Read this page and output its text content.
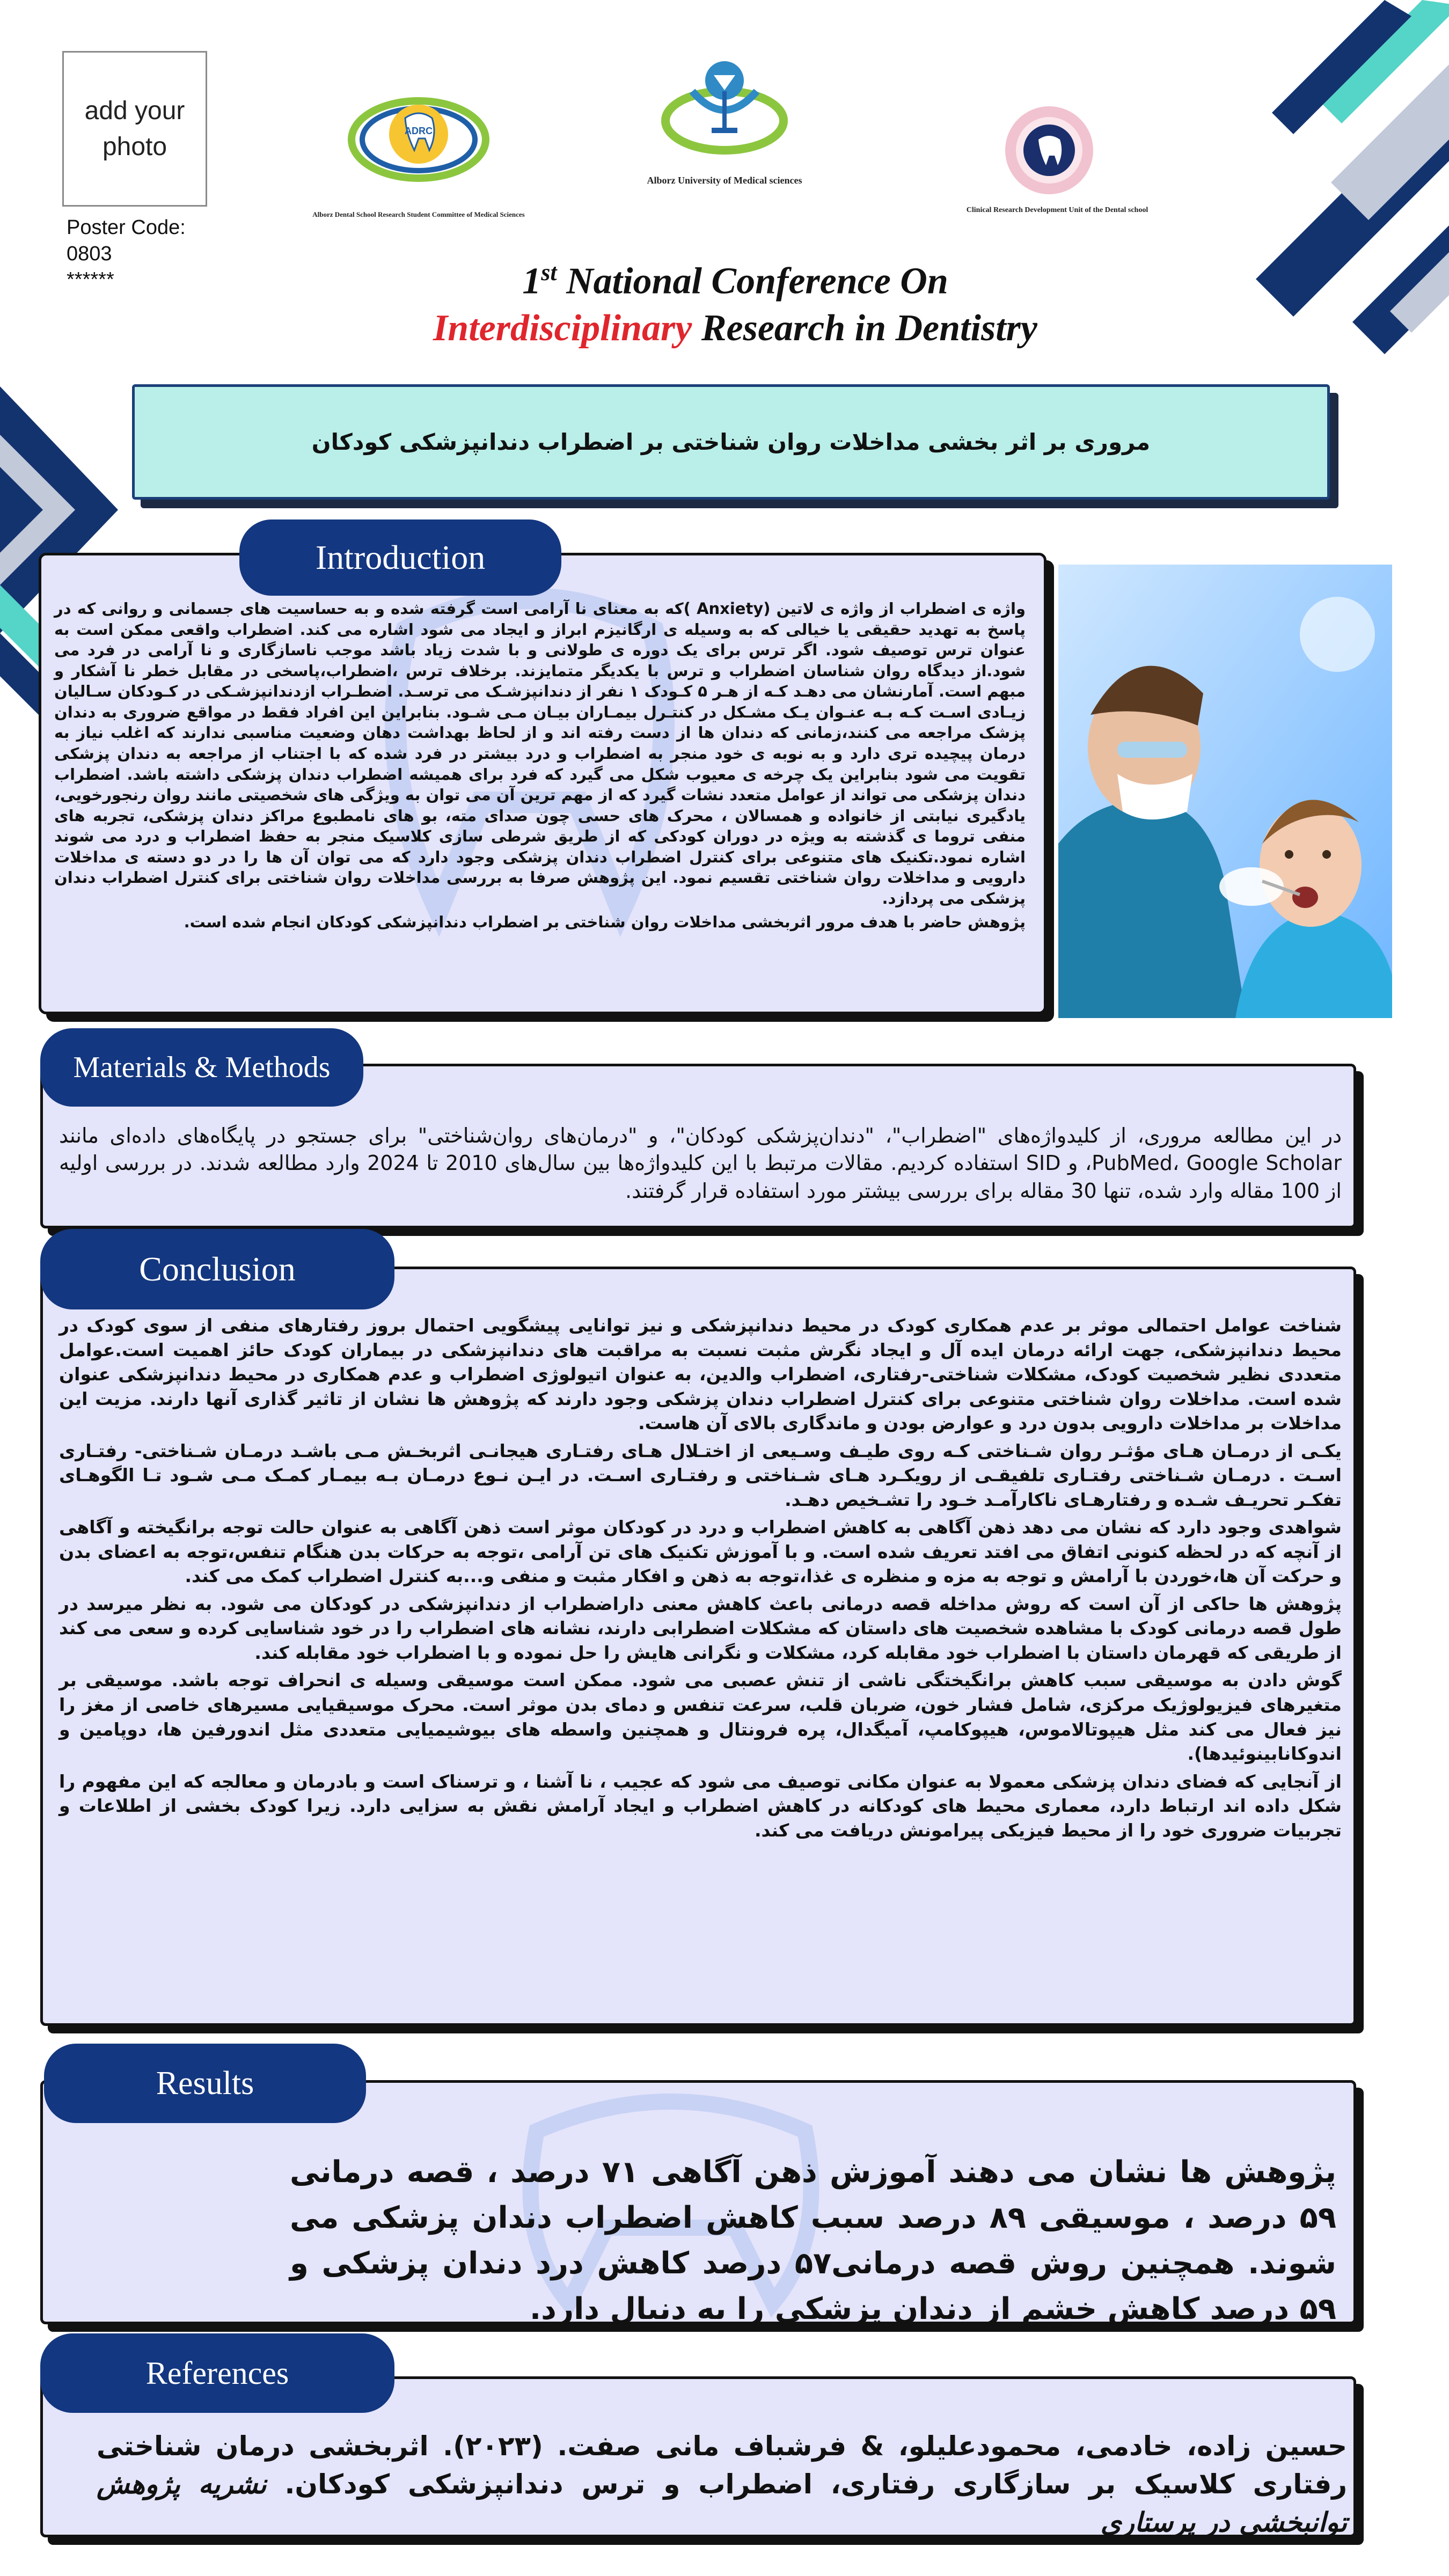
add your photo
Poster Code:
0803
******
ADRC
Alborz Dental School Research Student Committee of Medical Sciences
Alborz University of Medical sciences
Clinical Research Development Unit of the Dental school
1st National Conference On
Interdisciplinary Research in Dentistry
مروری بر اثر بخشی مداخلات روان شناختی بر اضطراب دندانپزشکی کودکان

واژه ی اضطراب از واژه ی لاتین (Anxiety )که به معنای نا آرامی است گرفته شده و به حساسیت های جسمانی و روانی که در پاسخ به تهدید حقیقی یا خیالی که به وسیله ی ارگانیزم ابراز و ایجاد می شود اشاره می کند. اضطراب واقعی ممکن است به عنوان ترس توصیف شود. اگر ترس برای یک دوره ی طولانی و با شدت زیاد باشد موجب ناسازگاری و نا آرامی در فرد می شود.از دیدگاه روان شناسان اضطراب و ترس با یکدیگر متمایزند. برخلاف ترس ،اضطراب،پاسخی در مقابل خطر نا آشکار و مبهم است. آمارنشان می دهـد کـه از هـر ۵ کـودک ۱ نفر از دندانپزشـک می ترسـد. اضطـراب ازدندانپزشـکی در کـودکان سـالیان زیـادی اسـت کـه بـه عنـوان یـک مشـکل در کنتـرل بیمـاران بیـان مـی شـود. بنابراین این افراد فقط در مواقع ضروری به دندان پزشک مراجعه می کنند،زمانی که دندان ها از دست رفته اند و از لحاظ بهداشت دهان وضعیت مناسبی ندارند که اغلب نیاز به درمان پیچیده تری دارد و به نوبه ی خود منجر به اضطراب و درد بیشتر در فرد شده که با اجتناب از مراجعه به دندان پزشکی تقویت می شود بنابراین یک چرخه ی معیوب شکل می گیرد که فرد برای همیشه اضطراب دندان پزشکی داشته باشد. اضطراب دندان پزشکی می تواند از عوامل متعدد نشات گیرد که از مهم ترین آن می توان به ویژگی های شخصیتی مانند روان رنجورخویی، یادگیری نیابتی از خانواده و همسالان ، محرک های حسی چون صدای مته، بو های نامطبوع مراکز دندان پزشکی، تجربه های منفی تروما ی گذشته به ویژه در دوران کودکی که از طریق شرطی سازی کلاسیک منجر به حفظ اضطراب و درد می شوند اشاره نمود.تکنیک های متنوعی برای کنترل اضطراب دندان پزشکی وجود دارد که می توان آن ها را در دو دسته ی مداخلات دارویی و مداخلات روان شناختی تقسیم نمود. این پژوهش صرفا به بررسی مداخلات روان شناختی برای کنترل اضطراب دندان پزشکی می پردازد.

پژوهش حاضر با هدف مرور اثربخشی مداخلات روان شناختی بر اضطراب دندانپزشکی کودکان انجام شده است.

Introduction
در این مطالعه مروری، از کلیدواژه‌های "اضطراب"، "دندان‌پزشکی کودکان"، و "درمان‌های روان‌شناختی" برای جستجو در پایگاه‌های داده‌ای مانند PubMed، Google Scholar، و SID استفاده کردیم. مقالات مرتبط با این کلیدواژه‌ها بین سال‌های 2010 تا 2024 وارد مطالعه شدند. در بررسی اولیه از 100 مقاله وارد شده، تنها 30 مقاله برای بررسی بیشتر مورد استفاده قرار گرفتند.
Materials & Methods

شناخت عوامل احتمالی موثر بر عدم همکاری کودک در محیط دندانپزشکی و نیز توانایی پیشگویی احتمال بروز رفتارهای منفی از سوی کودک در محیط دندانپزشکی، جهت ارائه درمان ایده آل و ایجاد نگرش مثبت نسبت به مراقبت های دندانپزشکی در بیماران کودک حائز اهمیت است.عوامل متعددی نظیر شخصیت کودک، مشکلات شناختی-رفتاری، اضطراب والدین، به عنوان اتیولوژی اضطراب و عدم همکاری در محیط دندانپزشکی عنوان شده است. مداخلات روان شناختی متنوعی برای کنترل اضطراب دندان پزشکی وجود دارند که پژوهش ها نشان از تاثیر گذاری آنها دارند. مزیت این مداخلات بر مداخلات دارویی بدون درد و عوارض بودن و ماندگاری بالای آن هاست.

یکـی از درمـان هـای مؤثـر روان شـناختی کـه روی طیـف وسـیعی از اختـلال هـای رفتـاری هیجانـی اثربخـش مـی باشـد درمـان شـناختی- رفتـاری اسـت . درمـان شـناختی رفتـاری تلفیقـی از رویکـرد هـای شـناختی و رفتـاری اسـت. در ایـن نـوع درمـان بـه بیمـار کمـک مـی شـود تـا الگوهـای تفکـر تحریـف شـده و رفتارهـای ناکارآمـد خـود را تشـخیص دهـد.

شواهدی وجود دارد که نشان می دهد ذهن آگاهی به کاهش اضطراب و درد در کودکان موثر است ذهن آگاهی به عنوان حالت توجه برانگیخته و آگاهی از آنچه که در لحظه کنونی اتفاق می افتد تعریف شده است. و با آموزش تکنیک های تن آرامی ،توجه به حرکات بدن هنگام تنفس،توجه به اعضای بدن و حرکت آن ها،خوردن با آرامش و توجه به مزه و منظره ی غذا،توجه به ذهن و افکار مثبت و منفی و...به کنترل اضطراب کمک می کند.

پژوهش ها حاکی از آن است که روش مداخله قصه درمانی باعث کاهش معنی داراضطراب از دندانپزشکی در کودکان می شود. به نظر میرسد در طول قصه درمانی کودک با مشاهده شخصیت های داستان که مشکلات اضطرابی دارند، نشانه های اضطراب را در خود شناسایی کرده و سعی می کند از طریقی که قهرمان داستان با اضطراب خود مقابله کرد، مشکلات و نگرانی هایش را حل نموده و با اضطراب خود مقابله کند.

گوش دادن به موسیقی سبب کاهش برانگیختگی ناشی از تنش عصبی می شود. ممکن است موسیقی وسیله ی انحراف توجه باشد. موسیقی بر متغیرهای فیزیولوژیک مرکزی، شامل فشار خون، ضربان قلب، سرعت تنفس و دمای بدن موثر است. محرک موسیقیایی مسیرهای خاصی از مغز را نیز فعال می کند مثل هیپوتالاموس، هیپوکامپ، آمیگدال، پره فرونتال و همچنین واسطه های بیوشیمیایی متعددی مثل اندورفین ها، دوپامین و اندوکانابینوئیدها).

از آنجایی که فضای دندان پزشکی معمولا به عنوان مکانی توصیف می شود که عجیب ، نا آشنا ، و ترسناک است و بادرمان و معالجه که این مفهوم را شکل داده اند ارتباط دارد، معماری محیط های کودکانه در کاهش اضطراب و ایجاد آرامش نقش به سزایی دارد. زیرا کودک بخشی از اطلاعات و تجربیات ضروری خود را از محیط فیزیکی پیرامونش دریافت می کند.

Conclusion
پژوهش ها نشان می دهند آموزش ذهن آگاهی ۷۱ درصد ، قصه درمانی ۵۹ درصد ، موسیقی ۸۹ درصد سبب کاهش اضطراب دندان پزشکی می شوند. همچنین روش قصه درمانی۵۷ درصد کاهش درد دندان پزشکی و ۵۹ درصد کاهش خشم از دندان پزشکی را به دنبال دارد.
Results
حسین زاده، خادمی، محمودعلیلو، & فرشباف مانی صفت. (۲۰۲۳). اثربخشی درمان شناختی رفتاری کلاسیک بر سازگاری رفتاری، اضطراب و ترس دندانپزشکی کودکان. نشریه پژوهش توانبخشی در پرستاری
References
